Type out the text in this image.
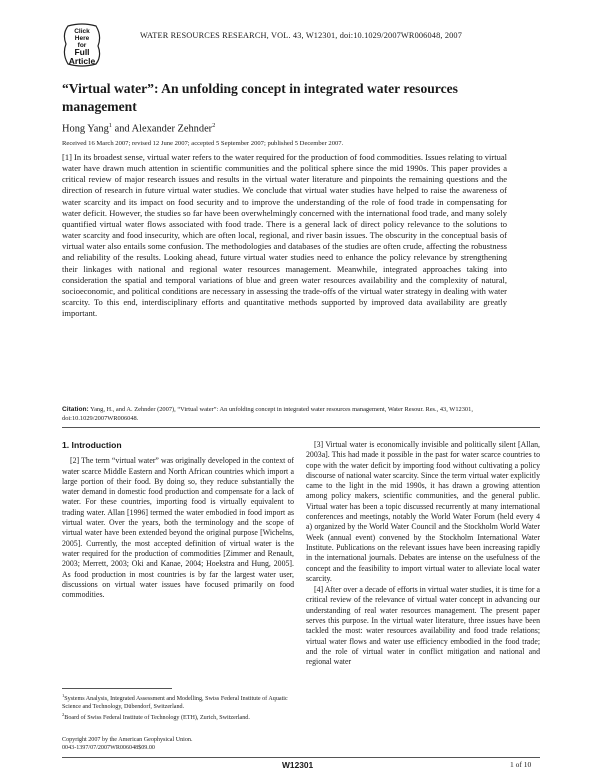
Click
Here
for
Full
Article
WATER RESOURCES RESEARCH, VOL. 43, W12301, doi:10.1029/2007WR006048, 2007
“Virtual water”: An unfolding concept in integrated water resources management
Hong Yang$^1$ and Alexander Zehnder$^2$
Received 16 March 2007; revised 12 June 2007; accepted 5 September 2007; published 5 December 2007.
[1] In its broadest sense, virtual water refers to the water required for the production of food commodities. Issues relating to virtual water have drawn much attention in scientific communities and the political sphere since the mid 1990s. This paper provides a critical review of major research issues and results in the virtual water literature and pinpoints the remaining questions and the direction of research in future virtual water studies. We conclude that virtual water studies have helped to raise the awareness of water scarcity and its impact on food security and to improve the understanding of the role of food trade in compensating for water deficit. However, the studies so far have been overwhelmingly concerned with the international food trade, and many solely quantified virtual water flows associated with food trade. There is a general lack of direct policy relevance to the solutions to water scarcity and food insecurity, which are often local, regional, and river basin issues. The obscurity in the conceptual basis of virtual water also entails some confusion. The methodologies and databases of the studies are often crude, affecting the robustness and reliability of the results. Looking ahead, future virtual water studies need to enhance the policy relevance by strengthening their linkages with national and regional water resources management. Meanwhile, integrated approaches taking into consideration the spatial and temporal variations of blue and green water resources availability and the complexity of natural, socioeconomic, and political conditions are necessary in assessing the trade-offs of the virtual water strategy in dealing with water scarcity. To this end, interdisciplinary efforts and quantitative methods supported by improved data availability are greatly important.
Citation: Yang, H., and A. Zehnder (2007), “Virtual water”: An unfolding concept in integrated water resources management, Water Resour. Res., 43, W12301, doi:10.1029/2007WR006048.
1. Introduction

[2] The term “virtual water” was originally developed in the context of water scarce Middle Eastern and North African countries which import a large portion of their food. By doing so, they reduce substantially the water demand in domestic food production and compensate for a lack of water. For these countries, importing food is virtually equivalent to trading water. Allan [1996] termed the water embodied in food import as virtual water. Over the years, both the terminology and the scope of virtual water have been extended beyond the original purpose [Wichelns, 2005]. Currently, the most accepted definition of virtual water is the water required for the production of commodities [Zimmer and Renault, 2003; Merrett, 2003; Oki and Kanae, 2004; Hoekstra and Hung, 2005]. As food production in most countries is by far the largest water user, discussions on virtual water issues have focused primarily on food commodities.

[3] Virtual water is economically invisible and politically silent [Allan, 2003a]. This had made it possible in the past for water scarce countries to cope with the water deficit by importing food without cultivating a policy discourse of national water scarcity. Since the term virtual water explicitly came to the light in the mid 1990s, it has drawn a growing attention among policy makers, scientific communities, and the general public. Virtual water has been a topic discussed recurrently at many international conferences and meetings, notably the World Water Forum (held every 4 a) organized by the World Water Council and the Stockholm World Water Week (annual event) convened by the Stockholm International Water Institute. Publications on the relevant issues have been increasing rapidly in the international journals. Debates are intense on the usefulness of the concept and the feasibility to import virtual water to alleviate local water scarcity.

[4] After over a decade of efforts in virtual water studies, it is time for a critical review of the relevance of virtual water concept in advancing our understanding of real water resources management. The present paper serves this purpose. In the virtual water literature, three issues have been tackled the most: water resources availability and food trade relations; virtual water flows and water use efficiency embodied in the food trade; and the role of virtual water in conflict mitigation and national and regional water

$^1$Systems Analysis, Integrated Assessment and Modelling, Swiss Federal Institute of Aquatic Science and Technology, Dübendorf, Switzerland.
$^2$Board of Swiss Federal Institute of Technology (ETH), Zurich, Switzerland.
Copyright 2007 by the American Geophysical Union.
0043-1397/07/2007WR006048$09.00
W12301	1 of 10
